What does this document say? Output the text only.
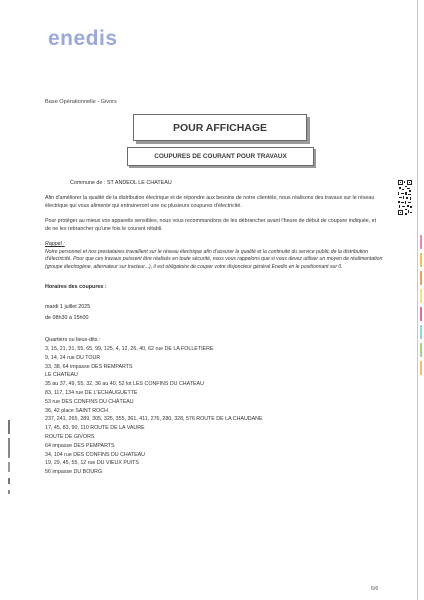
enedis
Base Opérationnelle - Givors
POUR AFFICHAGE
COUPURES DE COURANT POUR TRAVAUX
Commune de : ST ANDEOL LE CHATEAU
Afin d'améliorer la qualité de la distribution électrique et de répondre aux besoins de notre clientèle, nous réalisons des travaux sur le réseau électrique qui vous alimente qui entraineront une ou plusieurs coupures d'électricité.
Pour protéger au mieux vos appareils sensibles, nous vous recommandons de les débrancher avant l'heure de début de coupure indiquée, et de ne les rebrancher qu'une fois le courant rétabli.
Rappel :
Notre personnel et nos prestataires travaillent sur le réseau électrique afin d'assurer la qualité et la continuité du service public de la distribution d'électricité. Pour que ces travaux puissent être réalisés en toute sécurité, nous vous rappelons que si vous devez utiliser un moyen de réalimentation (groupe électrogène, alternateur sur tracteur...), il est obligatoire de couper votre disjoncteur général Enedis en le positionnant sur 0.
Horaires des coupures :
mardi 1 juillet 2025
de 08h30 à 15h00
Quartiers ou lieux-dits :
3, 15, 21, 31, 55, 65, 99, 125, 4, 12, 26, 40, 62 rue DE LA FOLLETIERE
9, 14, 24 rue DU TOUR
33, 38, 64 impasse DES REMPARTS
LE CHATEAU
35 au 37, 49, 55, 32, 36 au 40, 52 lot LES CONFINS DU CHATEAU
83, 117, 134 rue DE L'ECHAUGUETTE
53 rue DES CONFINS DU CHÂTEAU
36, 42 place SAINT ROCH
237, 241, 265, 289, 305, 325, 355, 361, 411, 276, 280, 328, 576 ROUTE DE LA CHAUDANE
17, 45, 83, 90, 110 ROUTE DE LA VAURE
ROUTE DE GIVORS
64 impasse DES PEMPARTS
34, 104 rue DES CONFINS DU CHATEAU
19, 29, 45, 55, 12 rue DU VIEUX PUITS
56 impasse DU BOURG
6/6
